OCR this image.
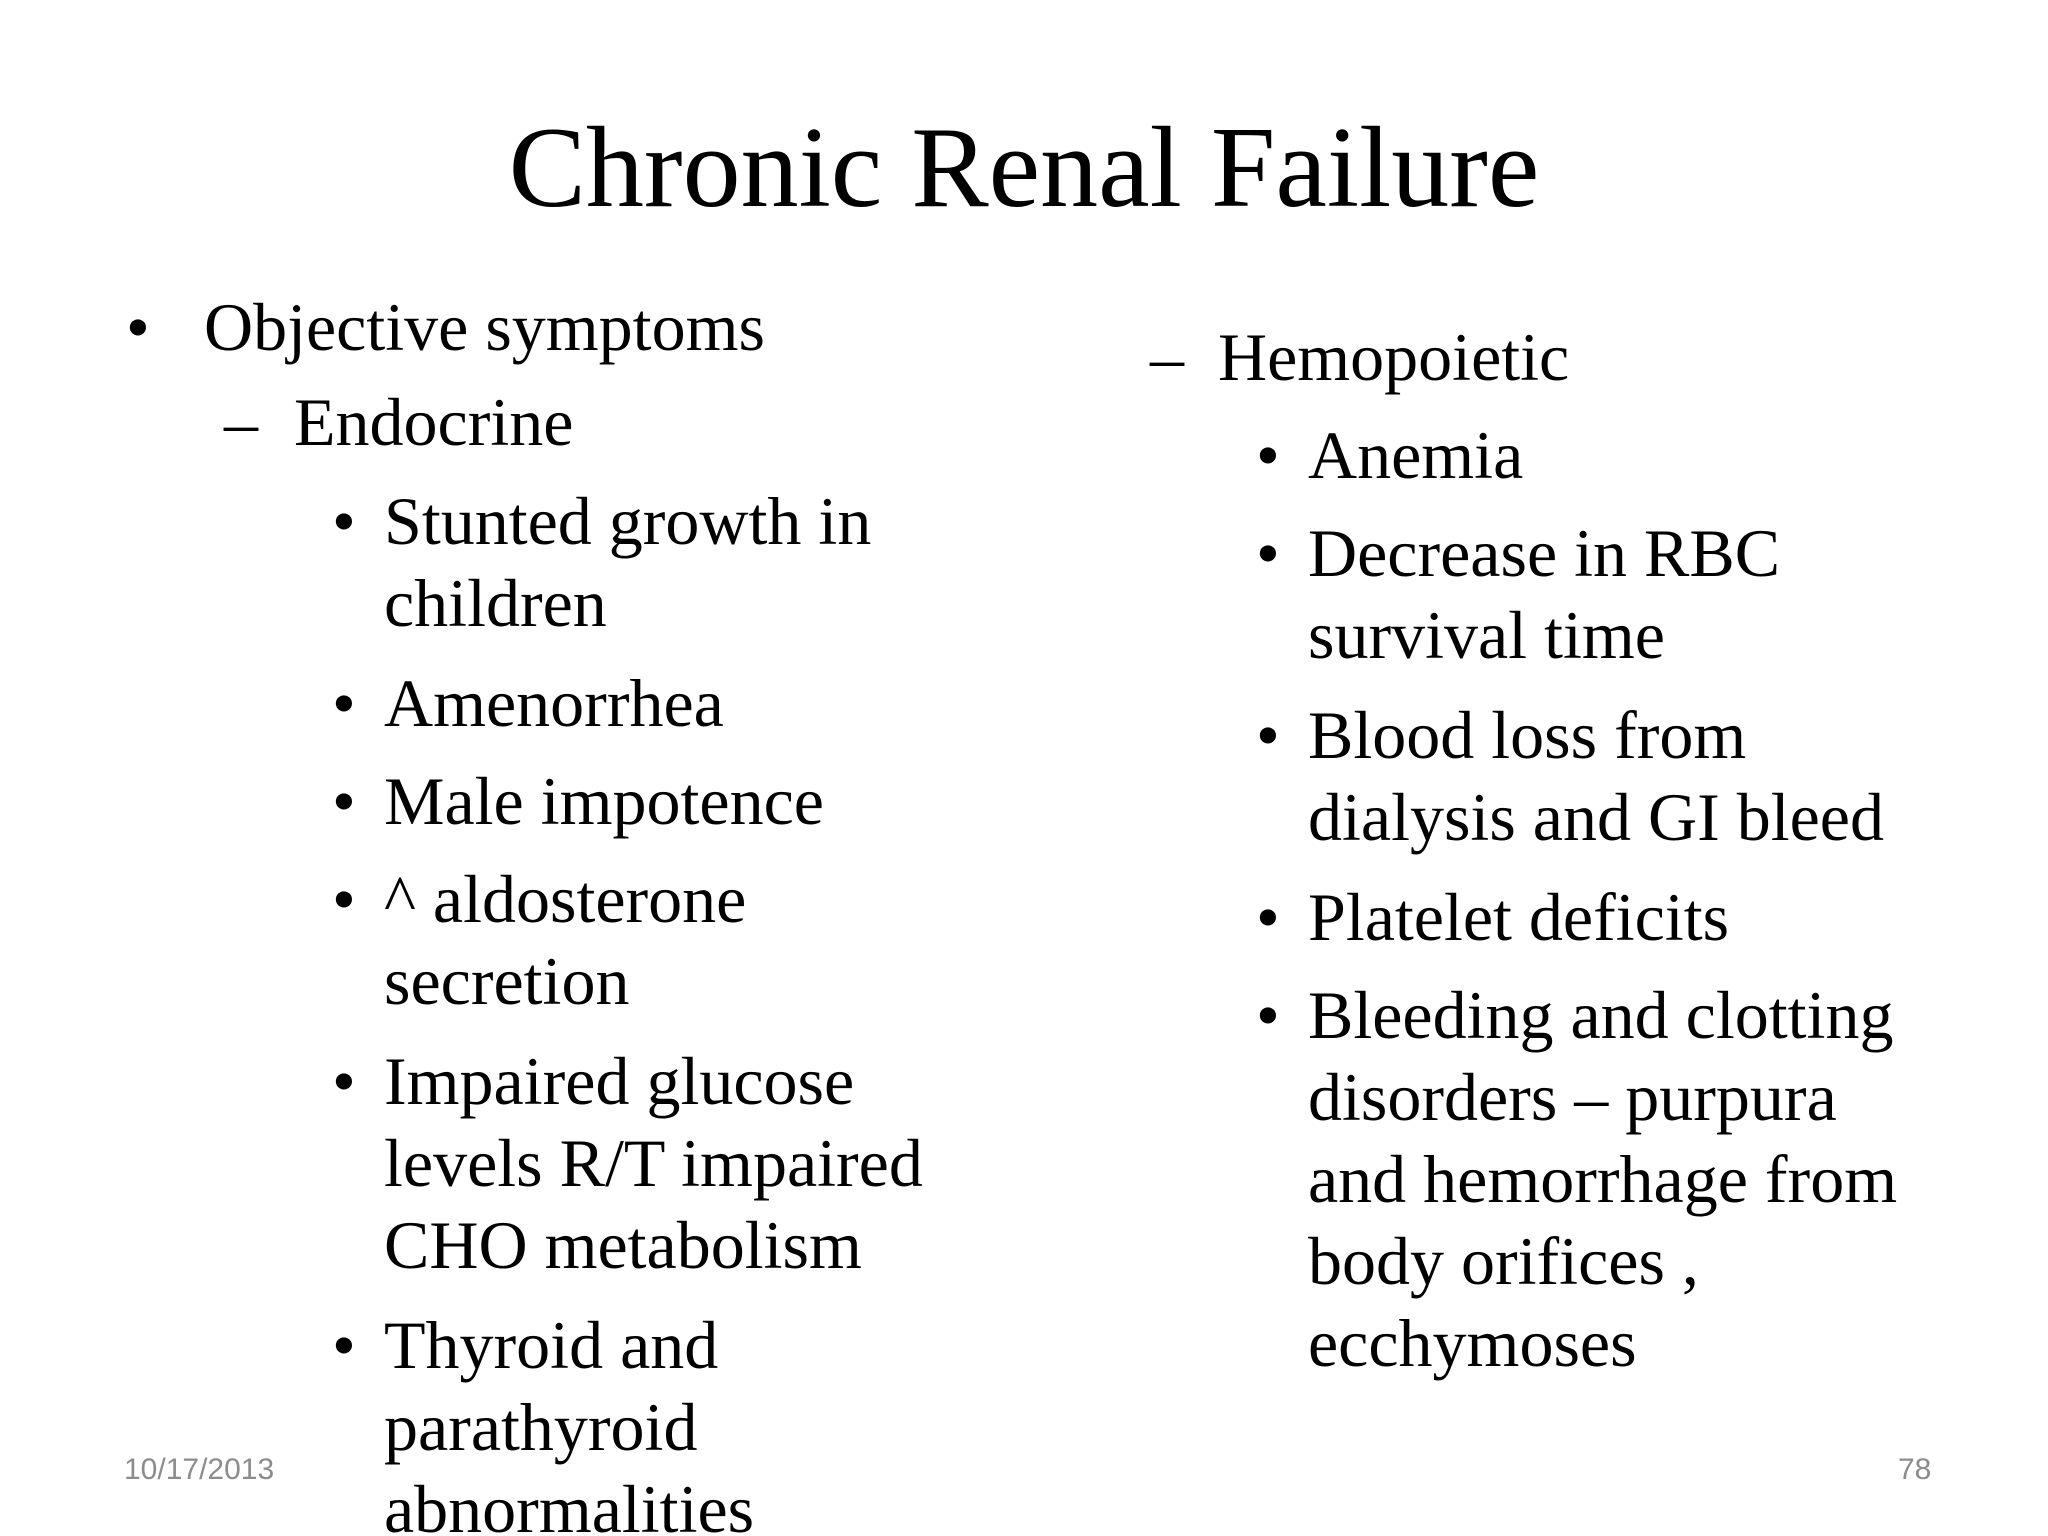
Chronic Renal Failure
• Objective symptoms
– Endocrine
• Stunted growth in
children
• Amenorrhea
• Male impotence
• ^ aldosterone
secretion
• Impaired glucose
levels R/T impaired
CHO metabolism
• Thyroid and
parathyroid
abnormalities
– Hemopoietic
• Anemia
• Decrease in RBC
survival time
• Blood loss from
dialysis and GI bleed
• Platelet deficits
• Bleeding and clotting
disorders – purpura
and hemorrhage from
body orifices ,
ecchymoses
10/17/2013	78
